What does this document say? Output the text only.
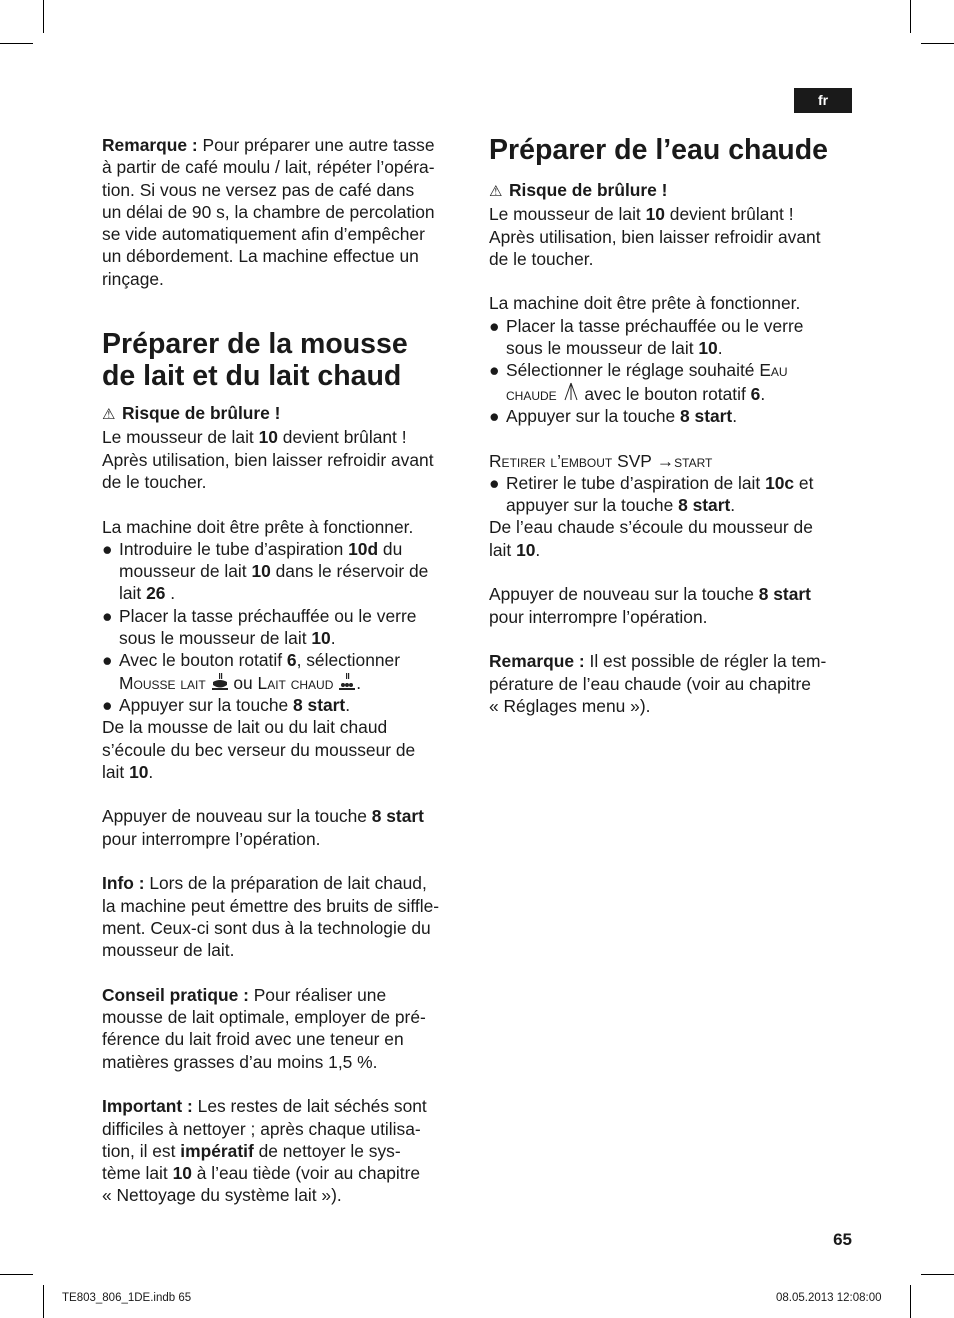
fr

Remarque : Pour préparer une autre tasse

à partir de café moulu / lait, répéter l’opéra-

tion. Si vous ne versez pas de café dans

un délai de 90 s, la chambre de percolation

se vide automatiquement afin d’empêcher

un débordement. La machine effectue un

rinçage.

Préparer de la mousse
de lait et du lait chaud

⚠ Risque de brûlure !

Le mousseur de lait 10 devient brûlant !

Après utilisation, bien laisser refroidir avant

de le toucher.

La machine doit être prête à fonctionner.

● Introduire le tube d’aspiration 10d du

mousseur de lait 10 dans le réservoir de

lait 26 .

● Placer la tasse préchauffée ou le verre

sous le mousseur de lait 10.

● Avec le bouton rotatif 6, sélectionner

Mousse lait  ou Lait chaud .

● Appuyer sur la touche 8 start.

De la mousse de lait ou du lait chaud

s’écoule du bec verseur du mousseur de

lait 10.

Appuyer de nouveau sur la touche 8 start

pour interrompre l’opération.

Info : Lors de la préparation de lait chaud,

la machine peut émettre des bruits de siffle-

ment. Ceux-ci sont dus à la technologie du

mousseur de lait.

Conseil pratique : Pour réaliser une

mousse de lait optimale, employer de pré-

férence du lait froid avec une teneur en

matières grasses d’au moins 1,5 %.

Important : Les restes de lait séchés sont

difficiles à nettoyer ; après chaque utilisa-

tion, il est impératif de nettoyer le sys-

tème lait 10 à l’eau tiède (voir au chapitre

« Nettoyage du système lait »).

Préparer de l’eau chaude

⚠ Risque de brûlure !

Le mousseur de lait 10 devient brûlant !

Après utilisation, bien laisser refroidir avant

de le toucher.

La machine doit être prête à fonctionner.

● Placer la tasse préchauffée ou le verre

sous le mousseur de lait 10.

● Sélectionner le réglage souhaité Eau

chaude  avec le bouton rotatif 6.

● Appuyer sur la touche 8 start.

Retirer l’embout SVP →start

● Retirer le tube d’aspiration de lait 10c et

appuyer sur la touche 8 start.

De l’eau chaude s’écoule du mousseur de

lait 10.

Appuyer de nouveau sur la touche 8 start

pour interrompre l’opération.

Remarque : Il est possible de régler la tem-

pérature de l’eau chaude (voir au chapitre

« Réglages menu »).

65
TE803_806_1DE.indb 65	08.05.2013 12:08:00
